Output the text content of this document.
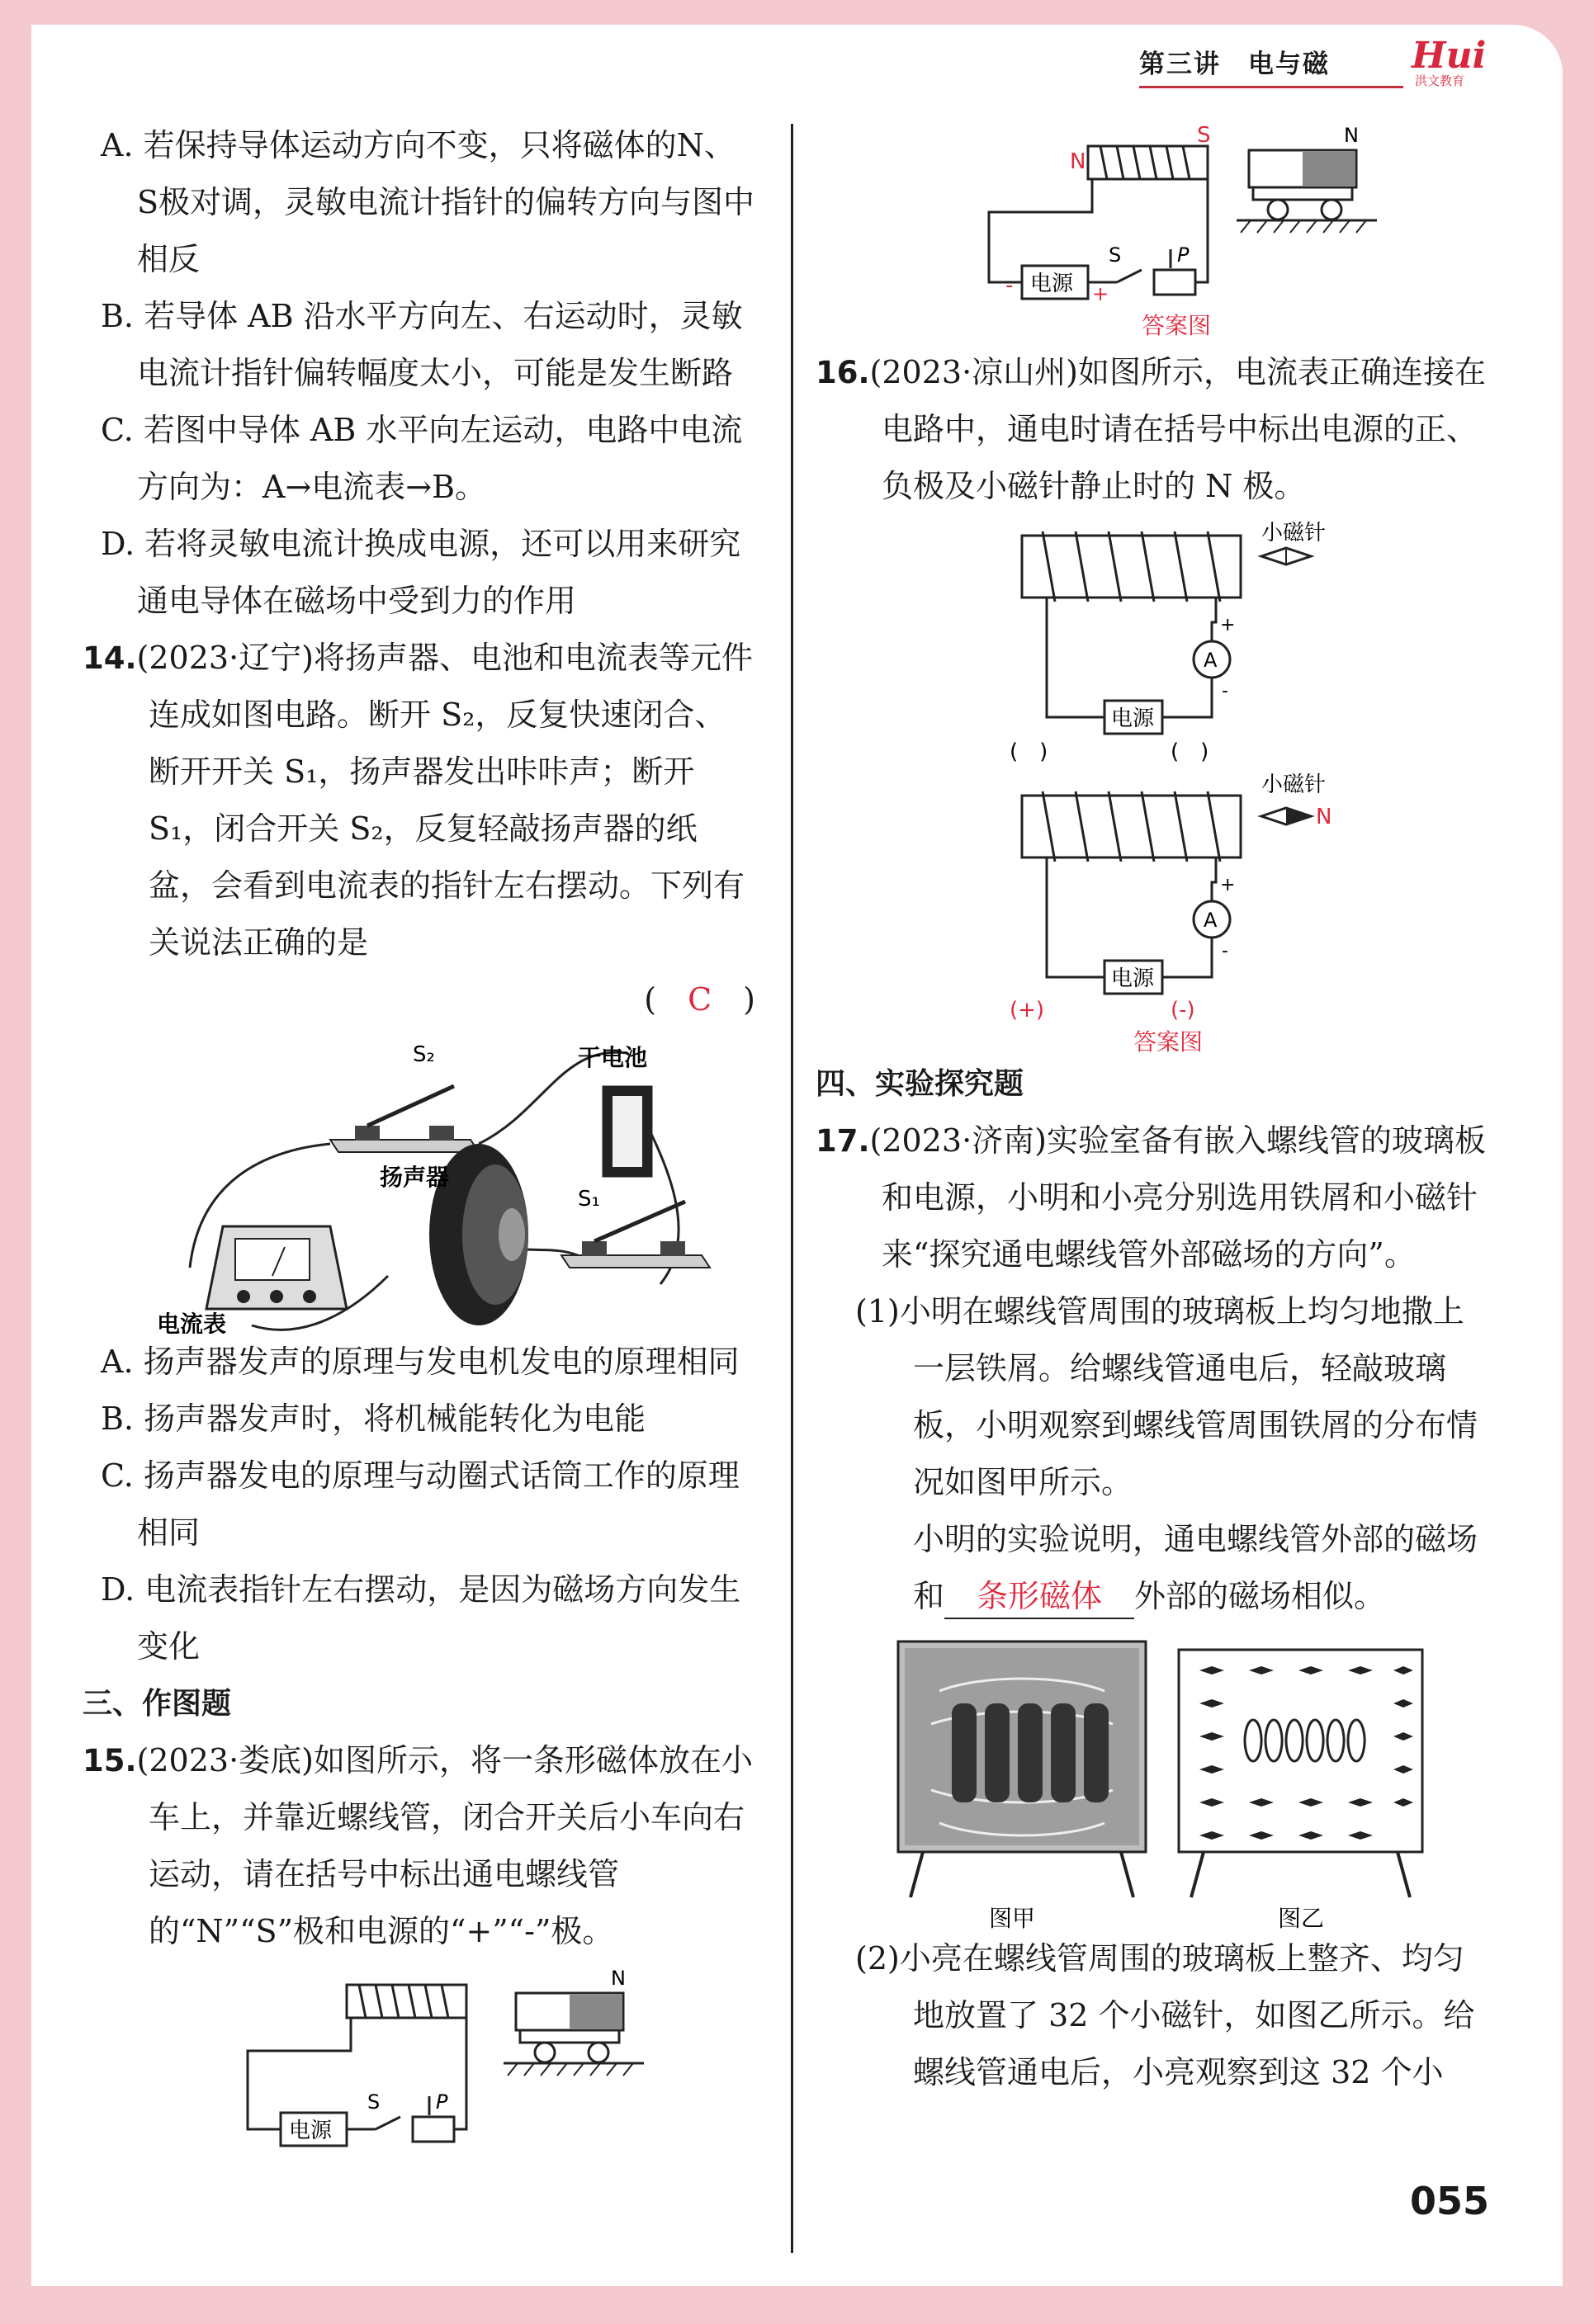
第三讲　电与磁 Hui
洪文教育

A. 若保持导体运动方向不变，只将磁体的N、S极对调，灵敏电流计指针的偏转方向与图中相反

B. 若导体 AB 沿水平方向左、右运动时，灵敏电流计指针偏转幅度太小，可能是发生断路

C. 若图中导体 AB 水平向左运动，电路中电流方向为：A→电流表→B。

D. 若将灵敏电流计换成电源，还可以用来研究通电导体在磁场中受到力的作用

14.(2023·辽宁)将扬声器、电池和电流表等元件连成如图电路。断开 S₂，反复快速闭合、断开开关 S₁，扬声器发出咔咔声；断开 S₁，闭合开关 S₂，反复轻敲扬声器的纸盆，会看到电流表的指针左右摆动。下列有关说法正确的是

(　 C　 )
S₂	干电池
扬声器
S₁
电流表

A. 扬声器发声的原理与发电机发电的原理相同

B. 扬声器发声时，将机械能转化为电能

C. 扬声器发电的原理与动圈式话筒工作的原理相同

D. 电流表指针左右摆动，是因为磁场方向发生变化

三、作图题

15.(2023·娄底)如图所示，将一条形磁体放在小车上，并靠近螺线管，闭合开关后小车向右运动，请在括号中标出通电螺线管的“N”“S”极和电源的“+”“-”极。

电源
S	P
N
N
S
电源
-	+
S	P
N
答案图

16.(2023·凉山州)如图所示，电流表正确连接在电路中，通电时请在括号中标出电源的正、负极及小磁针静止时的 N 极。

小磁针
电源
A
+
-
(　)	(　)
小磁针
N
电源
A
+
-
(+)	(-)
答案图

四、实验探究题

17.(2023·济南)实验室备有嵌入螺线管的玻璃板和电源，小明和小亮分别选用铁屑和小磁针来“探究通电螺线管外部磁场的方向”。

(1)小明在螺线管周围的玻璃板上均匀地撒上一层铁屑。给螺线管通电后，轻敲玻璃板，小明观察到螺线管周围铁屑的分布情况如图甲所示。

小明的实验说明，通电螺线管外部的磁场和 条形磁体 外部的磁场相似。

图甲	图乙

(2)小亮在螺线管周围的玻璃板上整齐、均匀地放置了 32 个小磁针，如图乙所示。给螺线管通电后，小亮观察到这 32 个小

055
